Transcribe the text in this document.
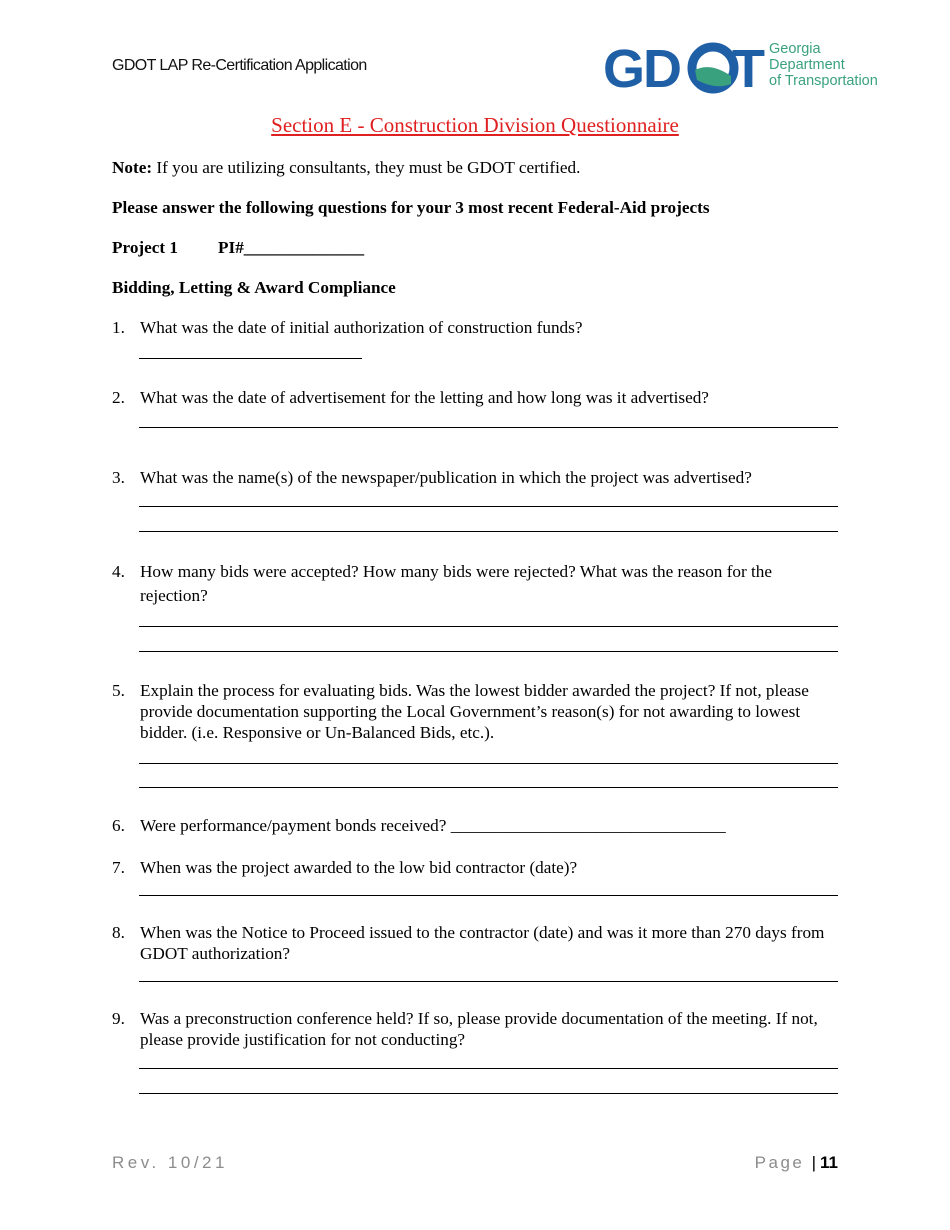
GDOT LAP Re-Certification Application	GD T Georgia
Department
of Transportation
Section E - Construction Division Questionnaire
Note: If you are utilizing consultants, they must be GDOT certified.
Please answer the following questions for your 3 most recent Federal-Aid projects
Project 1 PI#______________
Bidding, Letting & Award Compliance
1. What was the date of initial authorization of construction funds?
2. What was the date of advertisement for the letting and how long was it advertised?
3. What was the name(s) of the newspaper/publication in which the project was advertised?
4. How many bids were accepted? How many bids were rejected? What was the reason for the rejection?
5. Explain the process for evaluating bids. Was the lowest bidder awarded the project? If not, please provide documentation supporting the Local Government’s reason(s) for not awarding to lowest bidder. (i.e. Responsive or Un-Balanced Bids, etc.).
6. Were performance/payment bonds received? ________________________________
7. When was the project awarded to the low bid contractor (date)?
8. When was the Notice to Proceed issued to the contractor (date) and was it more than 270 days from GDOT authorization?
9. Was a preconstruction conference held? If so, please provide documentation of the meeting. If not, please provide justification for not conducting?
Rev. 10/21	Page | 11
